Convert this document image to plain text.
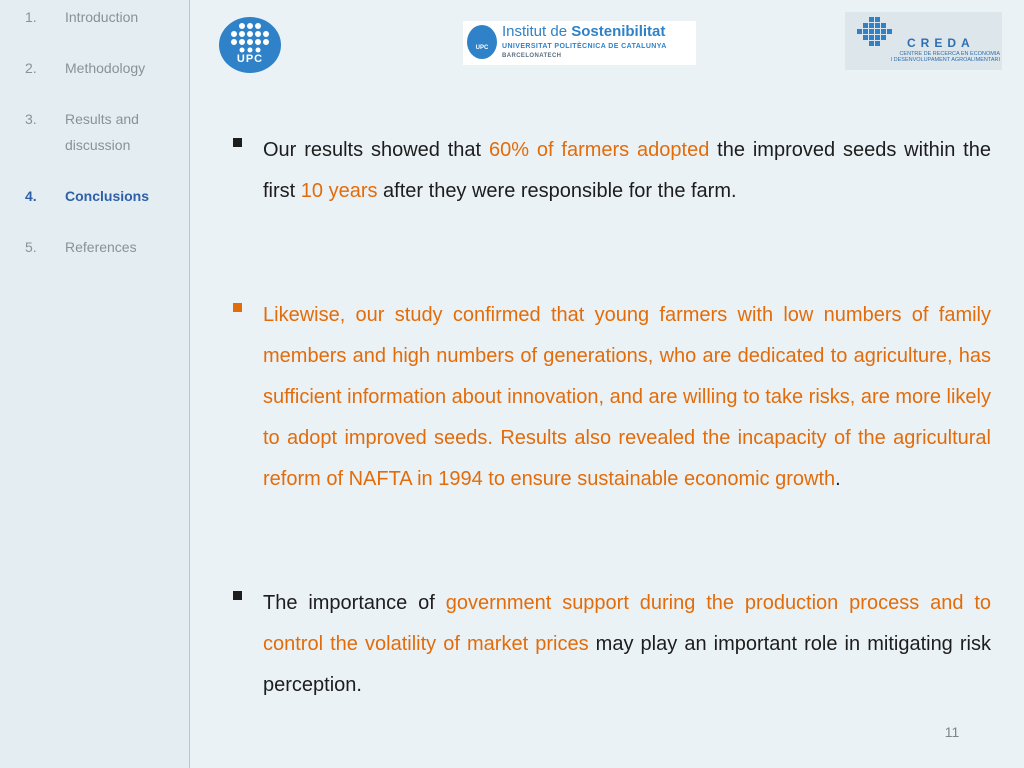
1. Introduction
2. Methodology
3. Results and discussion
4. Conclusions
5. References
UPC
UPC
Institut de Sostenibilitat
UNIVERSITAT POLITÈCNICA DE CATALUNYA
BARCELONATECH
CREDA
CENTRE DE RECERCA EN ECONOMIA
I DESENVOLUPAMENT AGROALIMENTARI
Our results showed that 60% of farmers adopted the improved seeds within the first 10 years after they were responsible for the farm.
Likewise, our study confirmed that young farmers with low numbers of family members and high numbers of generations, who are dedicated to agriculture, has sufficient information about innovation, and are willing to take risks, are more likely to adopt improved seeds. Results also revealed the incapacity of the agricultural reform of NAFTA in 1994 to ensure sustainable economic growth.
The importance of government support during the production process and to control the volatility of market prices may play an important role in mitigating risk perception.
11
